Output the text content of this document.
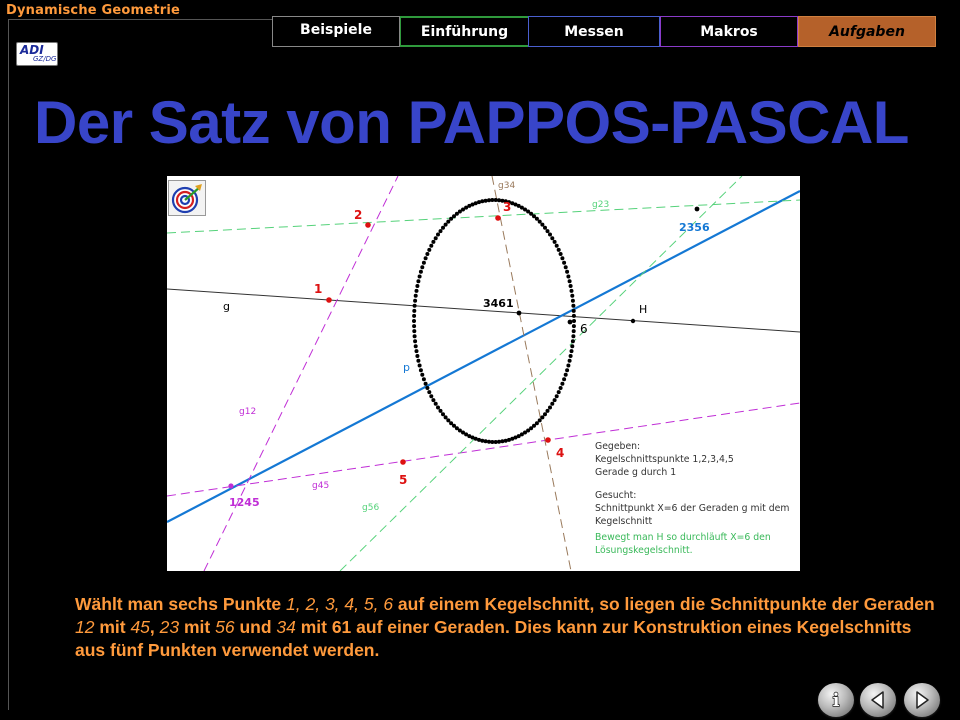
Dynamische Geometrie
ADI
GZ/DG
Beispiele	Einführung	Messen	Makros	Aufgaben
Der Satz von PAPPOS-PASCAL
1
2
3
4
5
6
3461
2356
1245
H
g
p
g12
g23
g34
g45
g56
Gegeben:
Kegelschnittspunkte 1,2,3,4,5
Gerade g durch 1
Gesucht:
Schnittpunkt X=6 der Geraden g mit dem
Kegelschnitt
Bewegt man H so durchläuft X=6 den
Lösungskegelschnitt.

Wählt man sechs Punkte 1, 2, 3, 4, 5, 6 auf einem Kegelschnitt, so liegen die Schnittpunkte der Geraden 12 mit 45, 23 mit 56 und 34 mit 61 auf einer Geraden. Dies kann zur Konstruktion eines Kegelschnitts aus fünf Punkten verwendet werden.

i
